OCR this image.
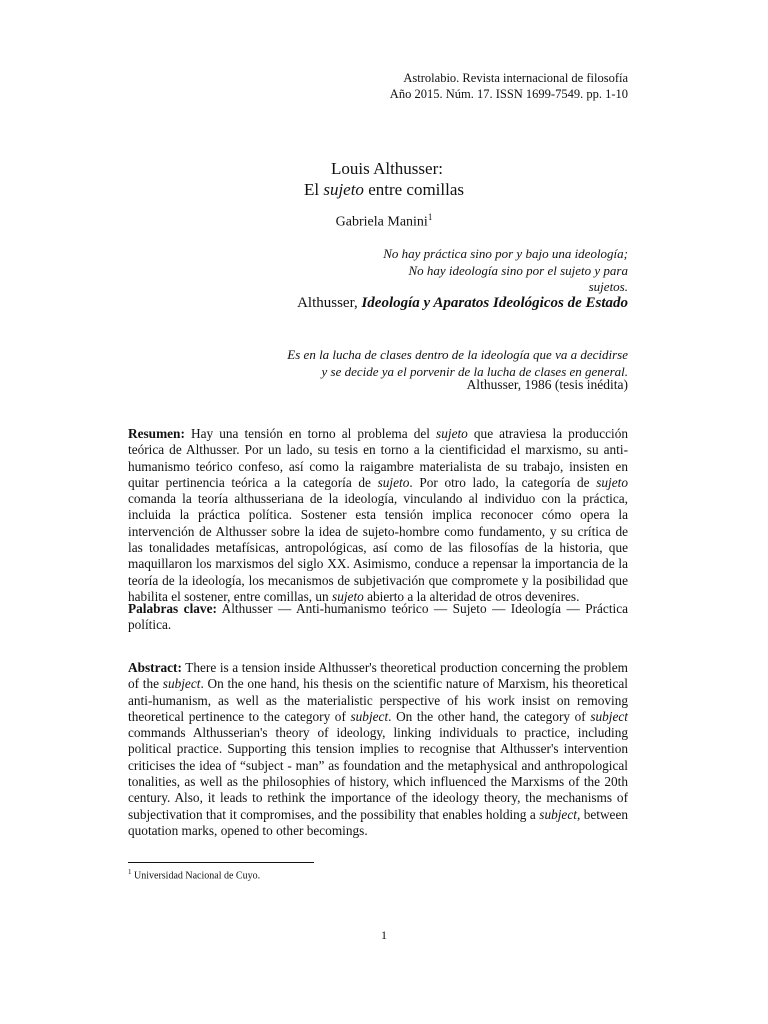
Astrolabio. Revista internacional de filosofía
Año 2015. Núm. 17. ISSN 1699-7549. pp. 1-10
Louis Althusser:
El sujeto entre comillas
Gabriela Manini$^1$
No hay práctica sino por y bajo una ideología;
No hay ideología sino por el sujeto y para
sujetos.
Althusser, Ideología y Aparatos Ideológicos de Estado
Es en la lucha de clases dentro de la ideología que va a decidirse
y se decide ya el porvenir de la lucha de clases en general.
Althusser, 1986 (tesis inédita)

Resumen: Hay una tensión en torno al problema del sujeto que atraviesa la producción teórica de Althusser. Por un lado, su tesis en torno a la cientificidad el marxismo, su anti-humanismo teórico confeso, así como la raigambre materialista de su trabajo, insisten en quitar pertinencia teórica a la categoría de sujeto. Por otro lado, la categoría de sujeto comanda la teoría althusseriana de la ideología, vinculando al individuo con la práctica, incluida la práctica política. Sostener esta tensión implica reconocer cómo opera la intervención de Althusser sobre la idea de sujeto-hombre como fundamento, y su crítica de las tonalidades metafísicas, antropológicas, así como de las filosofías de la historia, que maquillaron los marxismos del siglo XX. Asimismo, conduce a repensar la importancia de la teoría de la ideología, los mecanismos de subjetivación que compromete y la posibilidad que habilita el sostener, entre comillas, un sujeto abierto a la alteridad de otros devenires.

Palabras clave: Althusser — Anti-humanismo teórico — Sujeto — Ideología — Práctica política.

Abstract: There is a tension inside Althusser's theoretical production concerning the problem of the subject. On the one hand, his thesis on the scientific nature of Marxism, his theoretical anti-humanism, as well as the materialistic perspective of his work insist on removing theoretical pertinence to the category of subject. On the other hand, the category of subject commands Althusserian's theory of ideology, linking individuals to practice, including political practice. Supporting this tension implies to recognise that Althusser's intervention criticises the idea of “subject - man” as foundation and the metaphysical and anthropological tonalities, as well as the philosophies of history, which influenced the Marxisms of the 20th century. Also, it leads to rethink the importance of the ideology theory, the mechanisms of subjectivation that it compromises, and the possibility that enables holding a subject, between quotation marks, opened to other becomings.

$^1$ Universidad Nacional de Cuyo.
1
